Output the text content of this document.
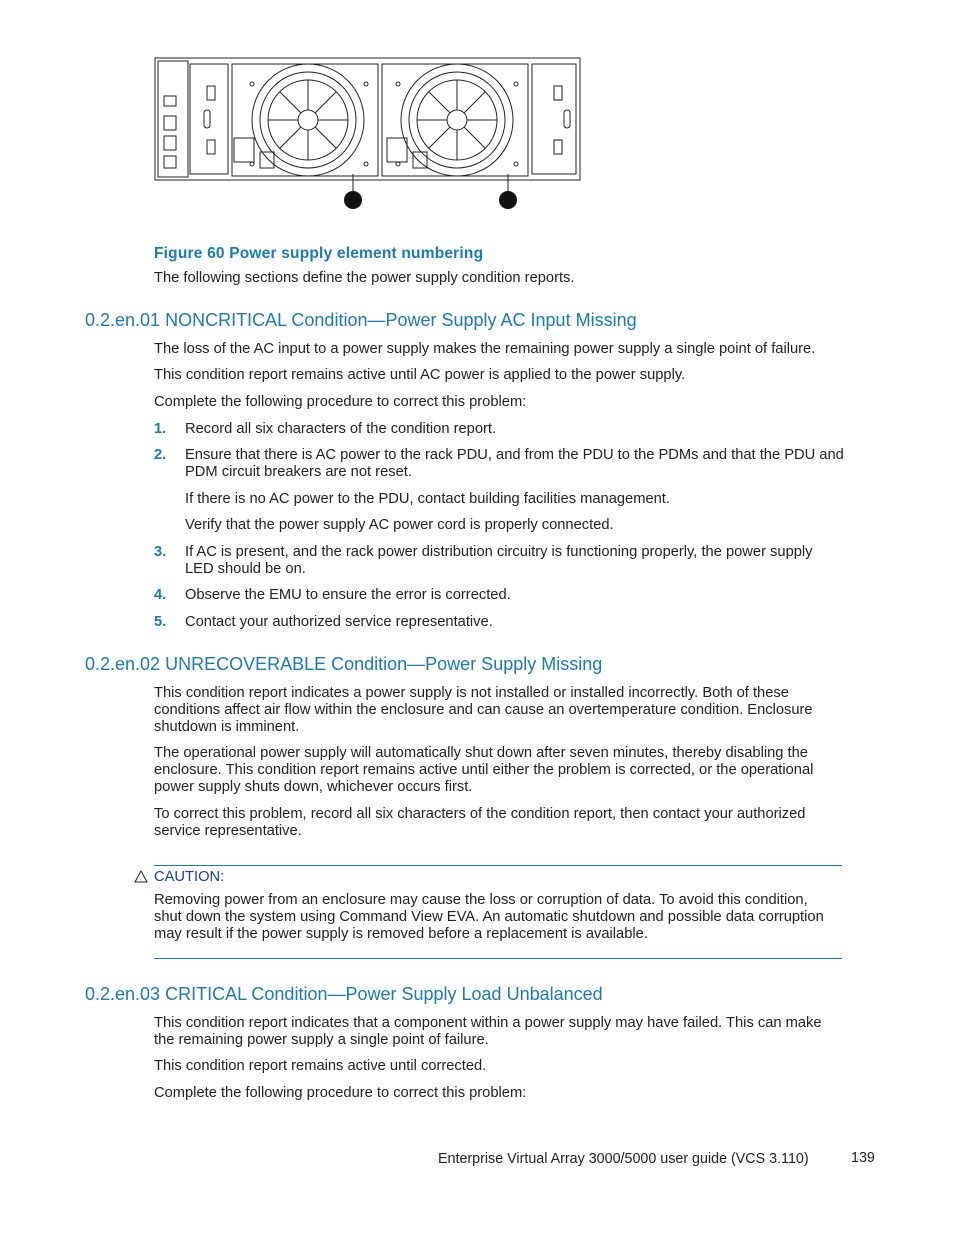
Figure 60 Power supply element numbering
The following sections define the power supply condition reports.
0.2.en.01 NONCRITICAL Condition—Power Supply AC Input Missing
The loss of the AC input to a power supply makes the remaining power supply a single point of failure.
This condition report remains active until AC power is applied to the power supply.
Complete the following procedure to correct this problem:
1. Record all six characters of the condition report.
2. Ensure that there is AC power to the rack PDU, and from the PDU to the PDMs and that the PDU and
PDM circuit breakers are not reset.
If there is no AC power to the PDU, contact building facilities management.
Verify that the power supply AC power cord is properly connected.
3. If AC is present, and the rack power distribution circuitry is functioning properly, the power supply
LED should be on.
4. Observe the EMU to ensure the error is corrected.
5. Contact your authorized service representative.
0.2.en.02 UNRECOVERABLE Condition—Power Supply Missing
This condition report indicates a power supply is not installed or installed incorrectly. Both of these
conditions affect air flow within the enclosure and can cause an overtemperature condition. Enclosure
shutdown is imminent.
The operational power supply will automatically shut down after seven minutes, thereby disabling the
enclosure. This condition report remains active until either the problem is corrected, or the operational
power supply shuts down, whichever occurs first.
To correct this problem, record all six characters of the condition report, then contact your authorized
service representative.
CAUTION:
Removing power from an enclosure may cause the loss or corruption of data. To avoid this condition,
shut down the system using Command View EVA. An automatic shutdown and possible data corruption
may result if the power supply is removed before a replacement is available.
0.2.en.03 CRITICAL Condition—Power Supply Load Unbalanced
This condition report indicates that a component within a power supply may have failed. This can make
the remaining power supply a single point of failure.
This condition report remains active until corrected.
Complete the following procedure to correct this problem:
Enterprise Virtual Array 3000/5000 user guide (VCS 3.110)	139
